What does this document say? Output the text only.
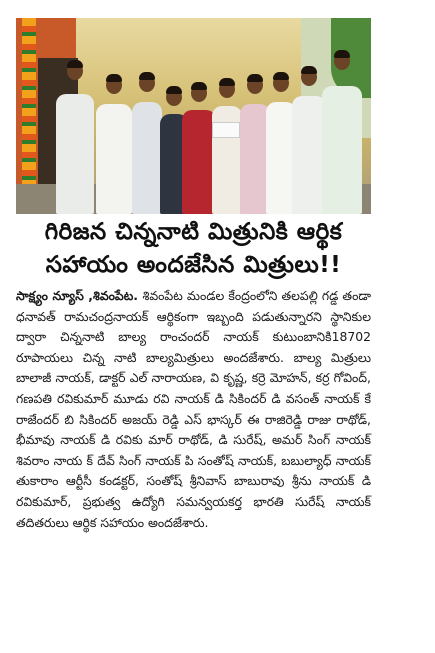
గిరిజన చిన్ననాటి మిత్రునికి ఆర్థిక
సహాయం అందజేసిన మిత్రులు!!
సాక్ష్యం న్యూస్ ,శివంపేట. శివంపేట మండల కేంద్రంలోని తలపల్లి గడ్డ తండా ధనావత్ రామచంద్రనాయక్ ఆర్థికంగా ఇబ్బంది పడుతున్నారని స్థానికుల ద్వారా చిన్ననాటి బాల్య రాంచందర్ నాయక్ కుటుంబానికి18702 రూపాయలు చిన్న నాటి బాల్యమిత్రులు అందజేశారు. బాల్య మిత్రులు బాలాజీ నాయక్, డాక్టర్ ఎల్ నారాయణ, వి కృష్ణ, కర్రె మోహన్, కర్ర గోవింద్, గణపతి రవికుమార్ మూడు రవి నాయక్ డి సికిందర్ డి వసంత్ నాయక్ కే రాజేందర్ బి సికిందర్ అజయ్ రెడ్డి ఎస్ భాస్కర్ ఈ రాజిరెడ్డి రాజు రాథోడ్, భీమావు నాయక్ డి రవికు మార్ రాథోడ్, డి సురేష్, అమర్ సింగ్ నాయక్ శివరాం నాయ క్ దేవ్ సింగ్ నాయక్ పి సంతోష్ నాయక్, బబుల్యాధ్ నాయక్ తుకారాం ఆర్టీసీ కండక్టర్, సంతోష్ శ్రీనివాస్ బాబురావు శ్రీను నాయక్ డి రవికుమార్, ప్రభుత్వ ఉద్యోగి సమన్వయకర్త భారతి సురేష్ నాయక్ తదితరులు ఆర్థిక సహాయం అందజేశారు.
